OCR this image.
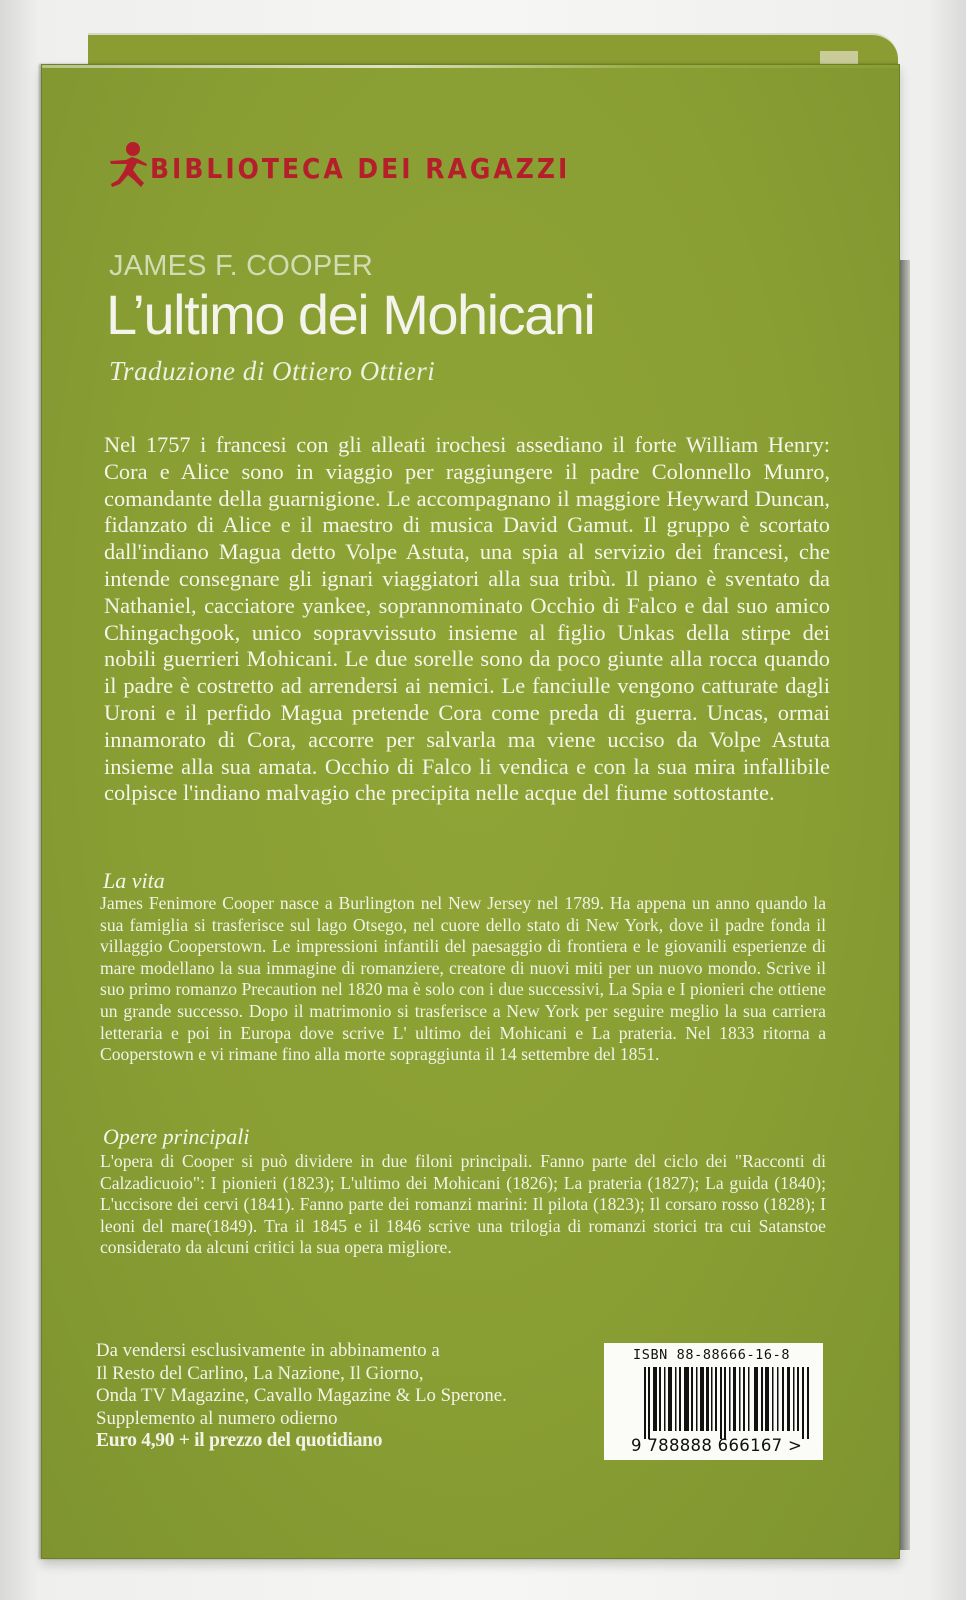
BIBLIOTECA DEI RAGAZZI
JAMES F. COOPER
L’ultimo dei Mohicani
Traduzione di Ottiero Ottieri

Nel 1757 i francesi con gli alleati irochesi assediano il forte William Henry: Cora e Alice sono in viaggio per raggiungere il padre Colonnello Munro, comandante della guarnigione. Le accompagnano il maggiore Heyward Duncan, fidanzato di Alice e il maestro di musica David Gamut. Il gruppo è scortato dall'indiano Magua detto Volpe Astuta, una spia al servizio dei francesi, che intende consegnare gli ignari viaggiatori alla sua tribù. Il piano è sventato da Nathaniel, cacciatore yankee, soprannominato Occhio di Falco e dal suo amico Chingachgook, unico sopravvissuto insieme al figlio Unkas della stirpe dei nobili guerrieri Mohicani. Le due sorelle sono da poco giunte alla rocca quando il padre è costretto ad arrendersi ai nemici. Le fanciulle vengono catturate dagli Uroni e il perfido Magua pretende Cora come preda di guerra. Uncas, ormai innamorato di Cora, accorre per salvarla ma viene ucciso da Volpe Astuta insieme alla sua amata. Occhio di Falco li vendica e con la sua mira infallibile colpisce l'indiano malvagio che precipita nelle acque del fiume sottostante.

La vita

James Fenimore Cooper nasce a Burlington nel New Jersey nel 1789. Ha appena un anno quando la sua famiglia si trasferisce sul lago Otsego, nel cuore dello stato di New York, dove il padre fonda il villaggio Cooperstown. Le impressioni infantili del paesaggio di frontiera e le giovanili esperienze di mare modellano la sua immagine di romanziere, creatore di nuovi miti per un nuovo mondo. Scrive il suo primo romanzo Precaution nel 1820 ma è solo con i due successivi, La Spia e I pionieri che ottiene un grande successo. Dopo il matrimonio si trasferisce a New York per seguire meglio la sua carriera letteraria e poi in Europa dove scrive L' ultimo dei Mohicani e La prateria. Nel 1833 ritorna a Cooperstown e vi rimane fino alla morte sopraggiunta il 14 settembre del 1851.

Opere principali

L'opera di Cooper si può dividere in due filoni principali. Fanno parte del ciclo dei "Racconti di Calzadicuoio": I pionieri (1823); L'ultimo dei Mohicani (1826); La prateria (1827); La guida (1840); L'uccisore dei cervi (1841). Fanno parte dei romanzi marini: Il pilota (1823); Il corsaro rosso (1828); I leoni del mare(1849). Tra il 1845 e il 1846 scrive una trilogia di romanzi storici tra cui Satanstoe considerato da alcuni critici la sua opera migliore.

Da vendersi esclusivamente in abbinamento a
Il Resto del Carlino, La Nazione, Il Giorno,
Onda TV Magazine, Cavallo Magazine & Lo Sperone.
Supplemento al numero odierno
Euro 4,90 + il prezzo del quotidiano
ISBN 88-88666-16-8
9 788888 666167 >
